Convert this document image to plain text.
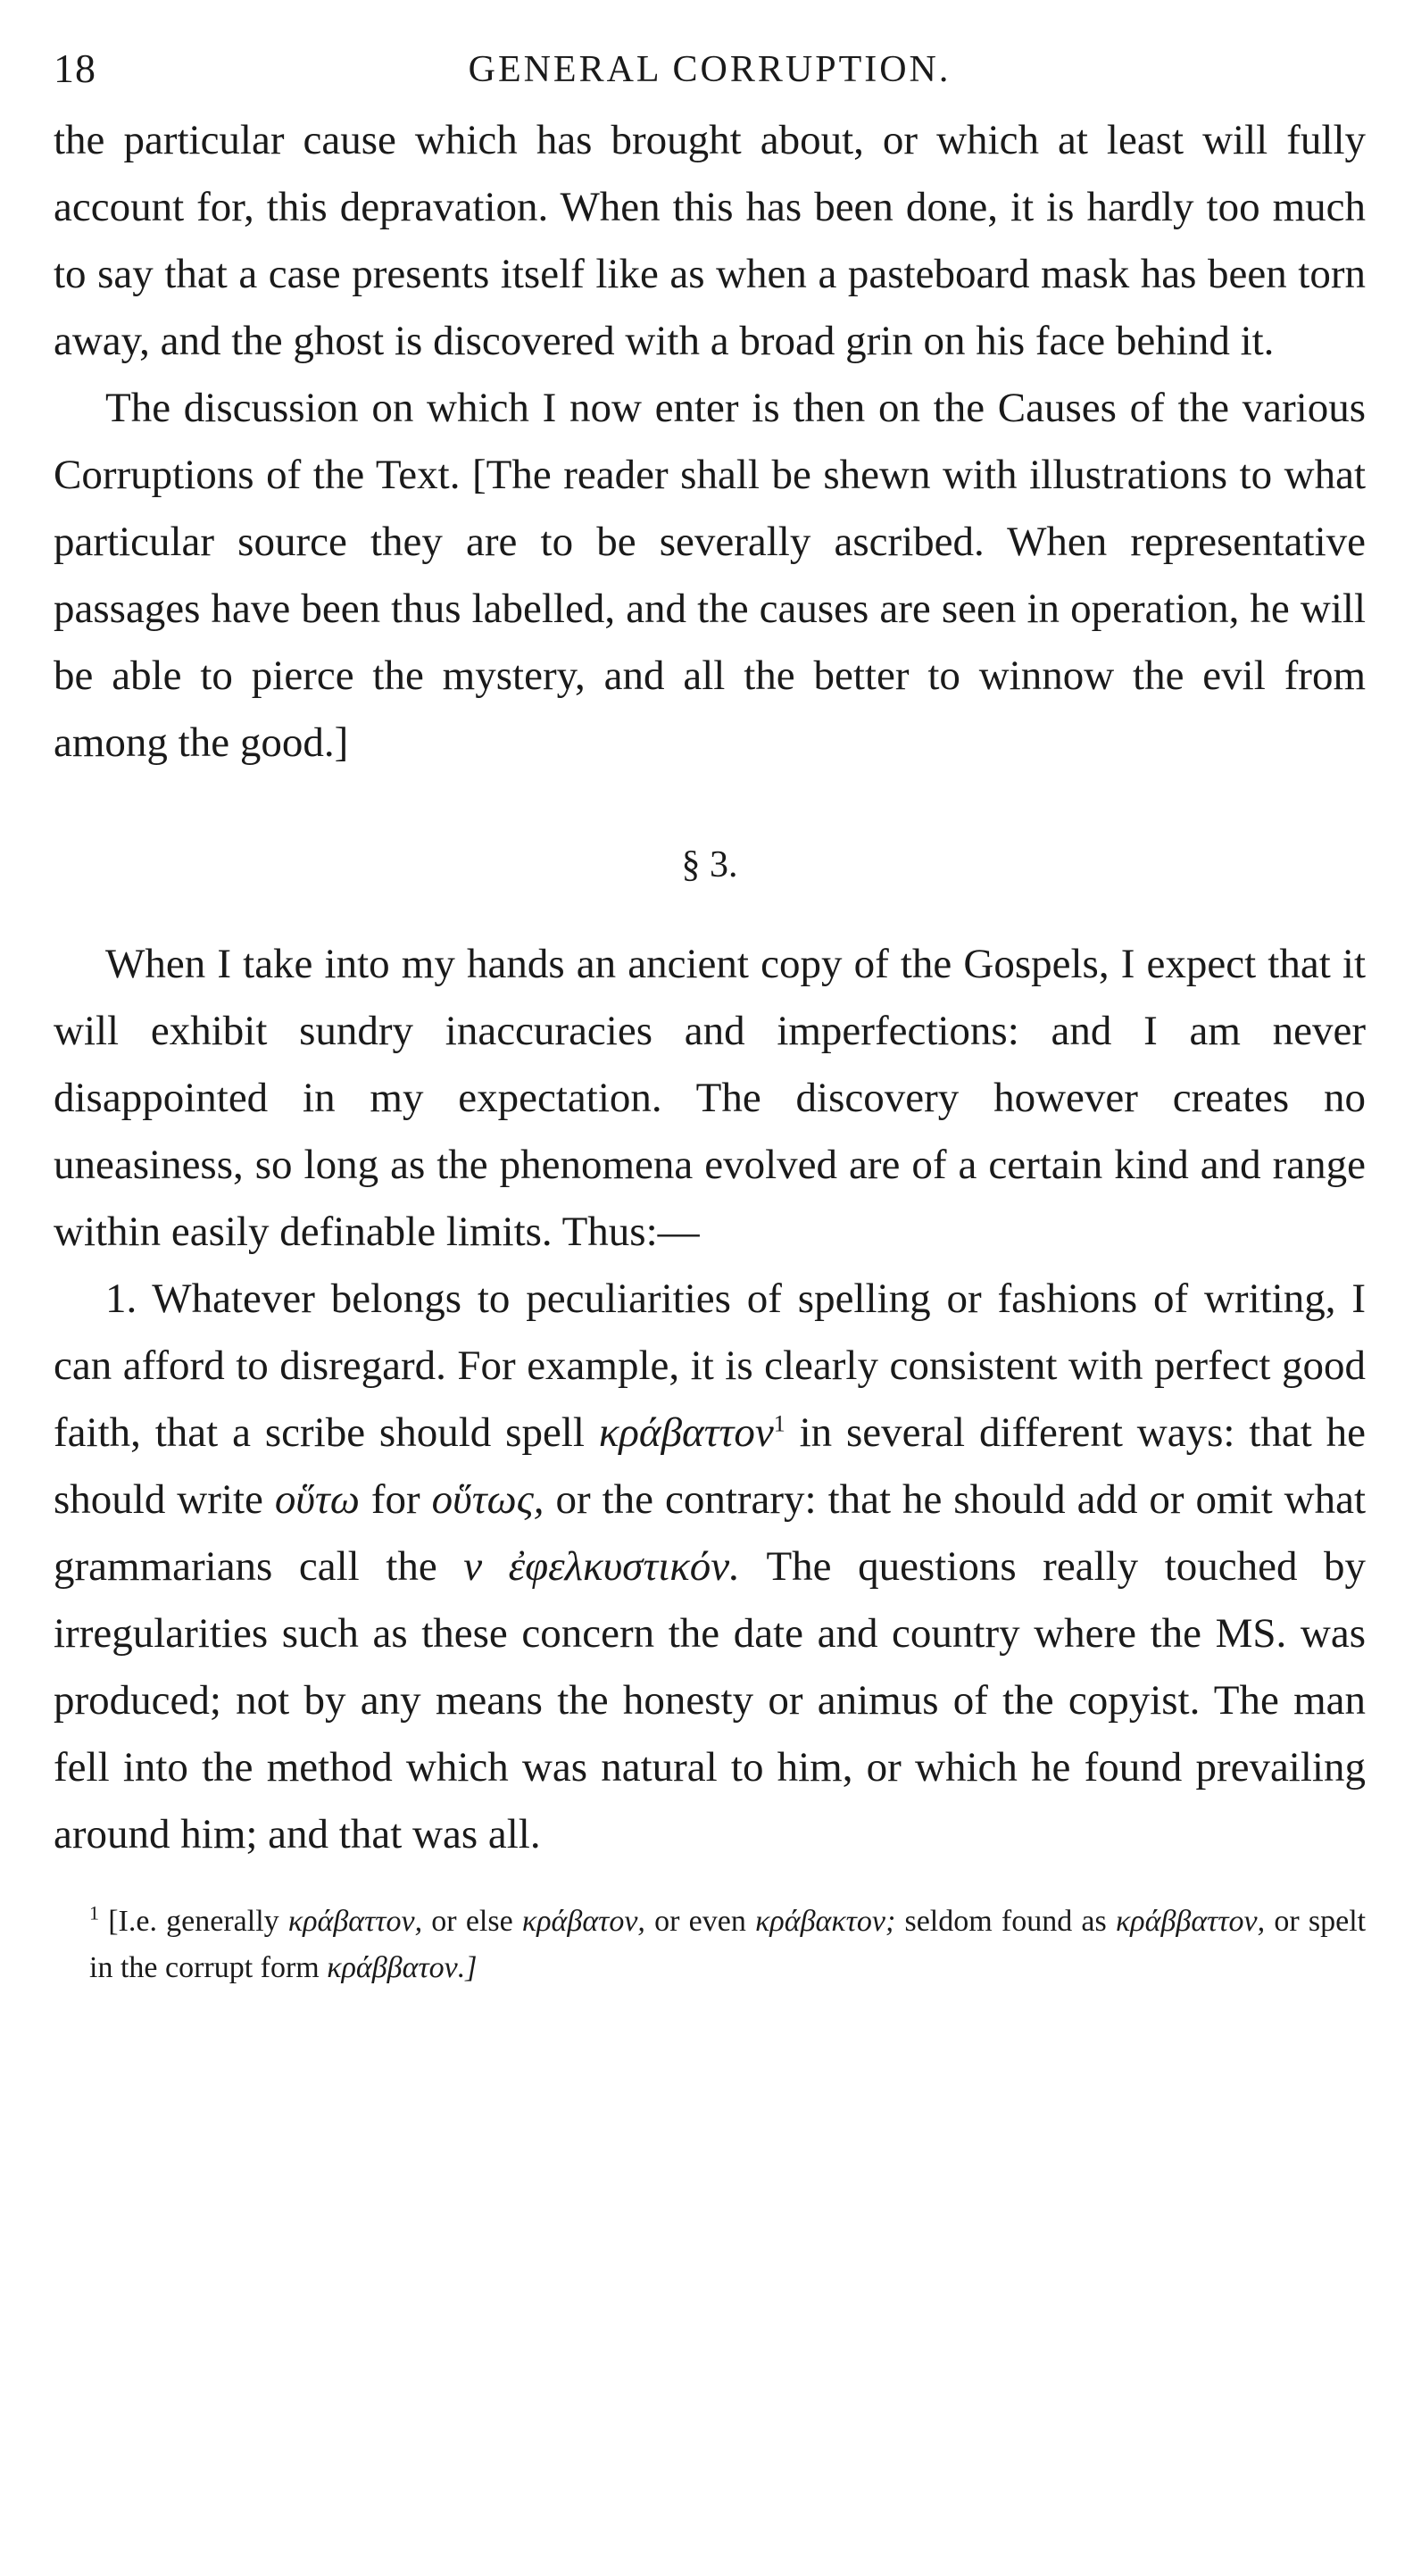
18	GENERAL CORRUPTION.

the particular cause which has brought about, or which at least will fully account for, this depravation. When this has been done, it is hardly too much to say that a case presents itself like as when a pasteboard mask has been torn away, and the ghost is discovered with a broad grin on his face behind it.

The discussion on which I now enter is then on the Causes of the various Corruptions of the Text. [The reader shall be shewn with illustrations to what particular source they are to be severally ascribed. When representative passages have been thus labelled, and the causes are seen in operation, he will be able to pierce the mystery, and all the better to winnow the evil from among the good.]

§ 3.

When I take into my hands an ancient copy of the Gospels, I expect that it will exhibit sundry inaccuracies and imperfections: and I am never disappointed in my expectation. The discovery however creates no uneasiness, so long as the phenomena evolved are of a certain kind and range within easily definable limits. Thus:—

1. Whatever belongs to peculiarities of spelling or fashions of writing, I can afford to disregard. For example, it is clearly consistent with perfect good faith, that a scribe should spell κράβαττον$^1$ in several different ways: that he should write οὕτω for οὕτως, or the contrary: that he should add or omit what grammarians call the ν ἐφελκυστικόν. The questions really touched by irregularities such as these concern the date and country where the MS. was produced; not by any means the honesty or animus of the copyist. The man fell into the method which was natural to him, or which he found prevailing around him; and that was all.

$^1$ [I.e. generally κράβαττον, or else κράβατον, or even κράβακτον; seldom found as κράββαττον, or spelt in the corrupt form κράββατον.]
